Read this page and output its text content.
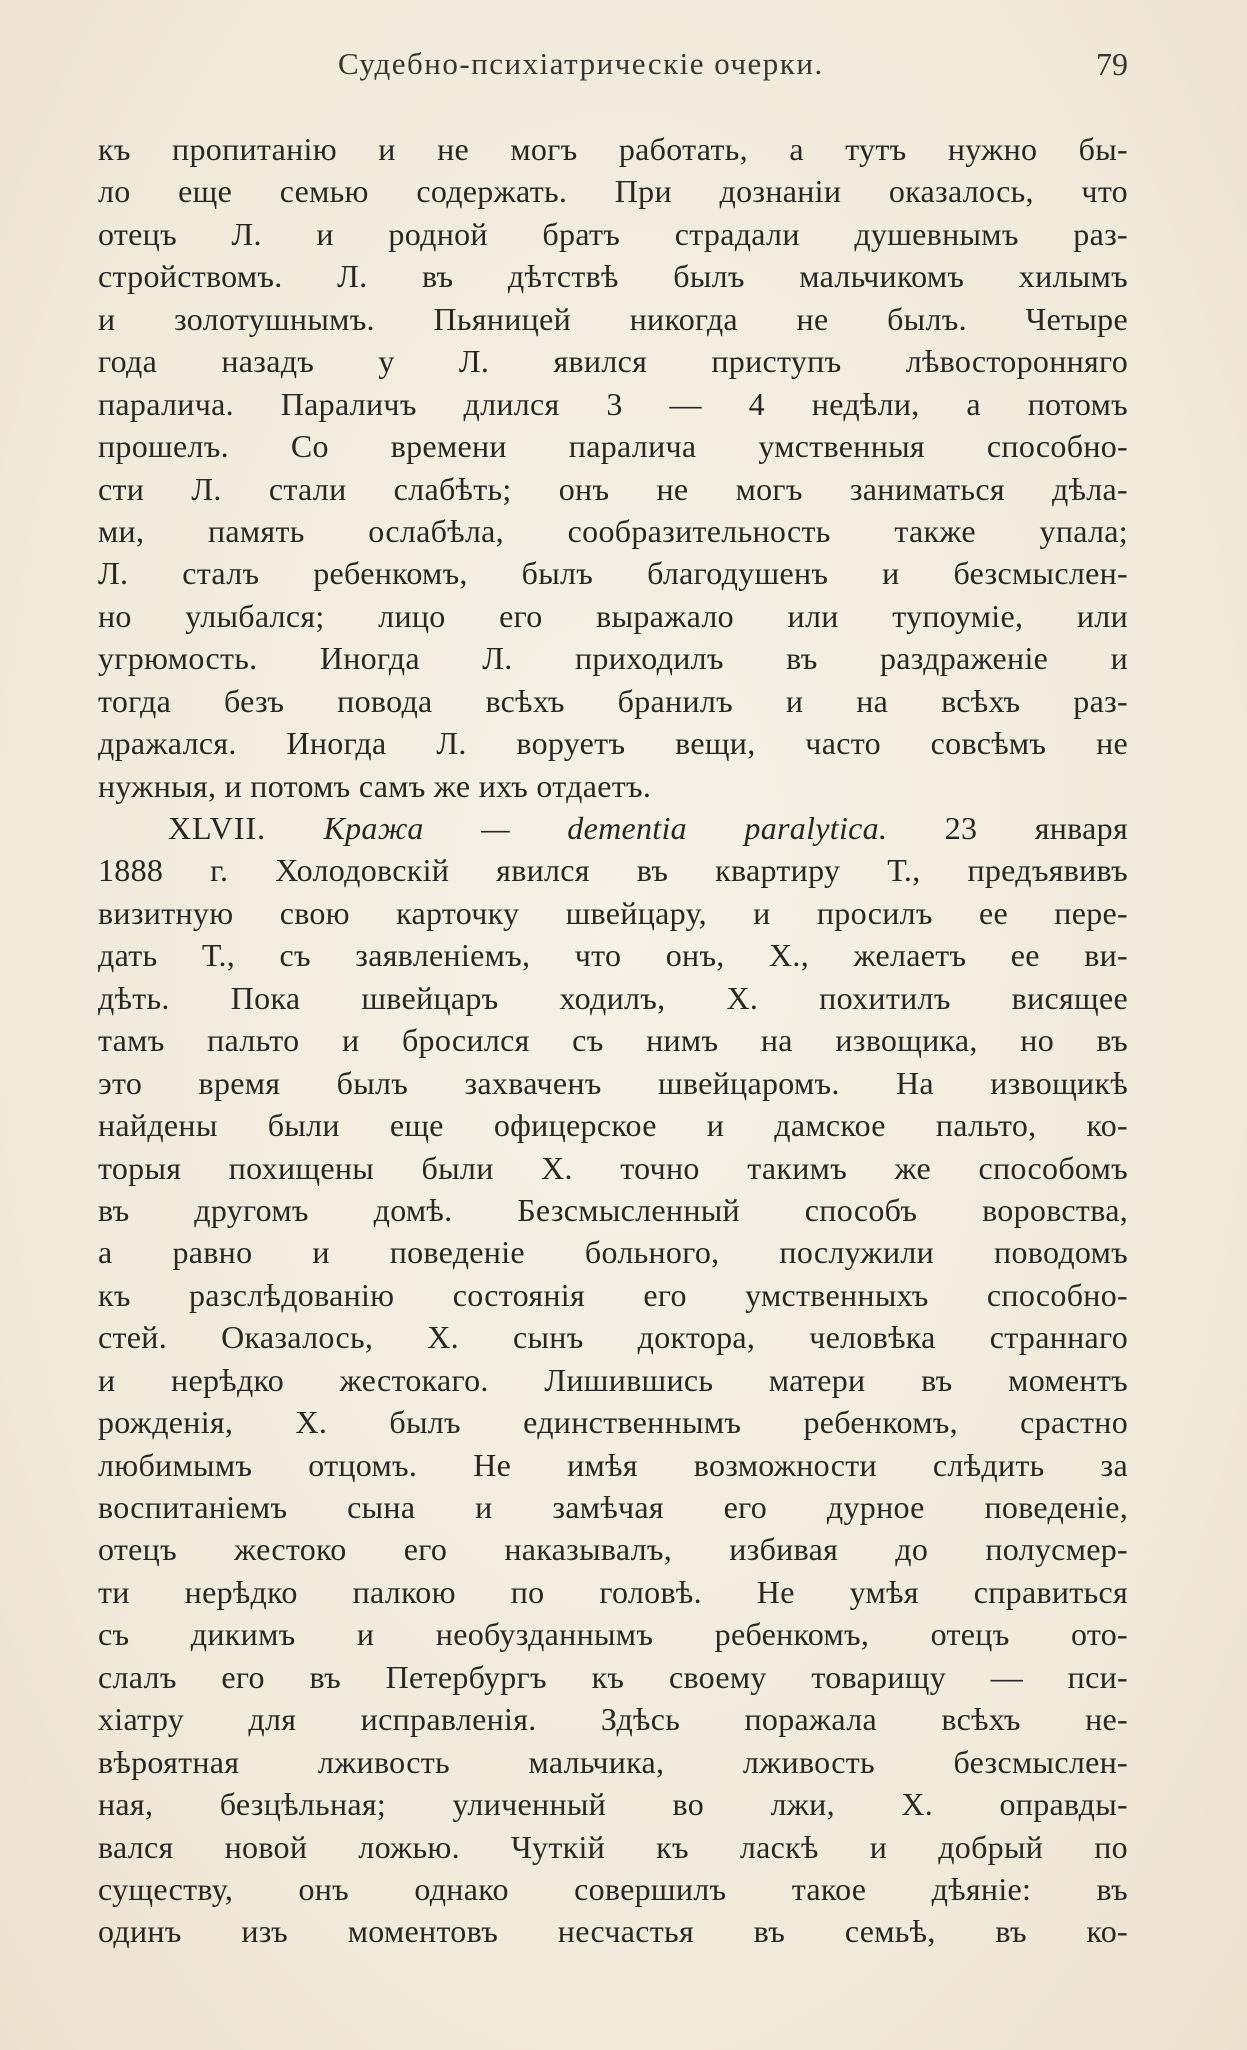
Судебно-психіатрическіе очерки.	79
къ пропитанію и не могъ работать, а тутъ нужно бы-
ло еще семью содержать. При дознаніи оказалось, что
отецъ Л. и родной братъ страдали душевнымъ раз-
стройствомъ. Л. въ дѣтствѣ былъ мальчикомъ хилымъ
и золотушнымъ. Пьяницей никогда не былъ. Четыре
года назадъ у Л. явился приступъ лѣвосторонняго
паралича. Параличъ длился 3 — 4 недѣли, а потомъ
прошелъ. Со времени паралича умственныя способно-
сти Л. стали слабѣть; онъ не могъ заниматься дѣла-
ми, память ослабѣла, сообразительность также упала;
Л. сталъ ребенкомъ, былъ благодушенъ и безсмыслен-
но улыбался; лицо его выражало или тупоуміе, или
угрюмость. Иногда Л. приходилъ въ раздраженіе и
тогда безъ повода всѣхъ бранилъ и на всѣхъ раз-
дражался. Иногда Л. воруетъ вещи, часто совсѣмъ не
нужныя, и потомъ самъ же ихъ отдаетъ.
XLVII. Кража — dementia paralytica. 23 января
1888 г. Холодовскій явился въ квартиру Т., предъявивъ
визитную свою карточку швейцару, и просилъ ее пере-
дать Т., съ заявленіемъ, что онъ, Х., желаетъ ее ви-
дѣть. Пока швейцаръ ходилъ, Х. похитилъ висящее
тамъ пальто и бросился съ нимъ на извощика, но въ
это время былъ захваченъ швейцаромъ. На извощикѣ
найдены были еще офицерское и дамское пальто, ко-
торыя похищены были Х. точно такимъ же способомъ
въ другомъ домѣ. Безсмысленный способъ воровства,
а равно и поведеніе больного, послужили поводомъ
къ разслѣдованію состоянія его умственныхъ способно-
стей. Оказалось, Х. сынъ доктора, человѣка страннаго
и нерѣдко жестокаго. Лишившись матери въ моментъ
рожденія, Х. былъ единственнымъ ребенкомъ, срастно
любимымъ отцомъ. Не имѣя возможности слѣдить за
воспитаніемъ сына и замѣчая его дурное поведеніе,
отецъ жестоко его наказывалъ, избивая до полусмер-
ти нерѣдко палкою по головѣ. Не умѣя справиться
съ дикимъ и необузданнымъ ребенкомъ, отецъ ото-
слалъ его въ Петербургъ къ своему товарищу — пси-
хіатру для исправленія. Здѣсь поражала всѣхъ не-
вѣроятная лживость мальчика, лживость безсмыслен-
ная, безцѣльная; уличенный во лжи, Х. оправды-
вался новой ложью. Чуткій къ ласкѣ и добрый по
существу, онъ однако совершилъ такое дѣяніе: въ
одинъ изъ моментовъ несчастья въ семьѣ, въ ко-
